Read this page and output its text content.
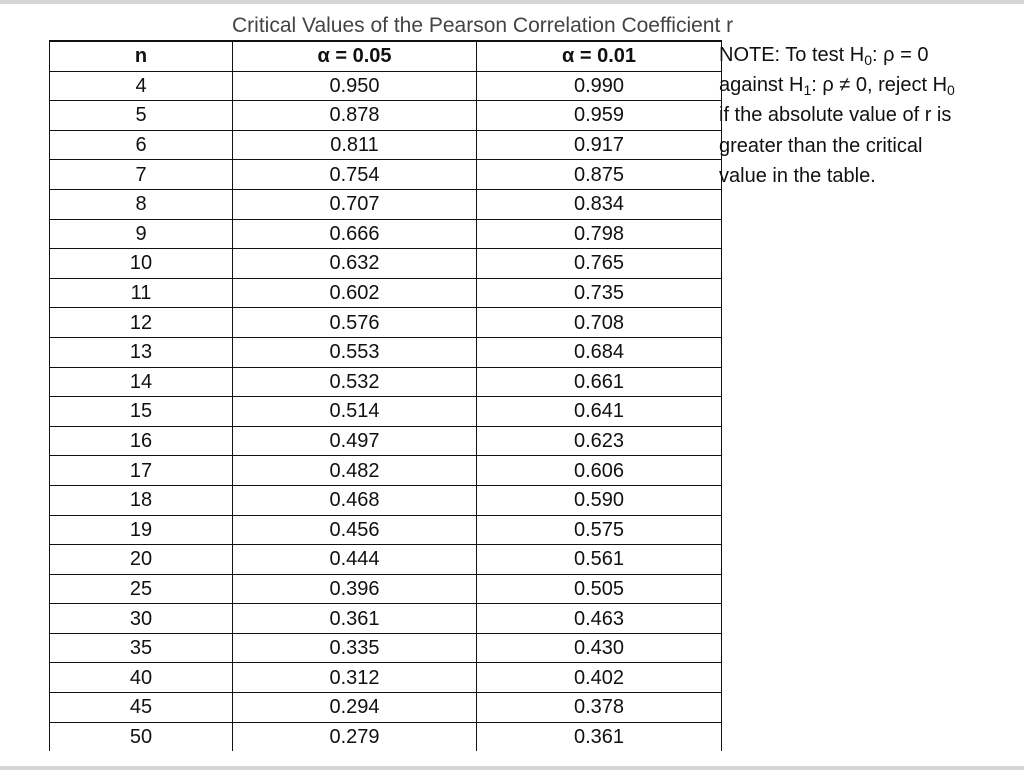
Critical Values of the Pearson Correlation Coefficient r
n	α = 0.05	α = 0.01
4	0.950	0.990
5	0.878	0.959
6	0.811	0.917
7	0.754	0.875
8	0.707	0.834
9	0.666	0.798
10	0.632	0.765
11	0.602	0.735
12	0.576	0.708
13	0.553	0.684
14	0.532	0.661
15	0.514	0.641
16	0.497	0.623
17	0.482	0.606
18	0.468	0.590
19	0.456	0.575
20	0.444	0.561
25	0.396	0.505
30	0.361	0.463
35	0.335	0.430
40	0.312	0.402
45	0.294	0.378
50	0.279	0.361
NOTE: To test $H_0$: ρ = 0
against $H_1$: ρ ≠ 0, reject $H_0$
if the absolute value of r is
greater than the critical
value in the table.
